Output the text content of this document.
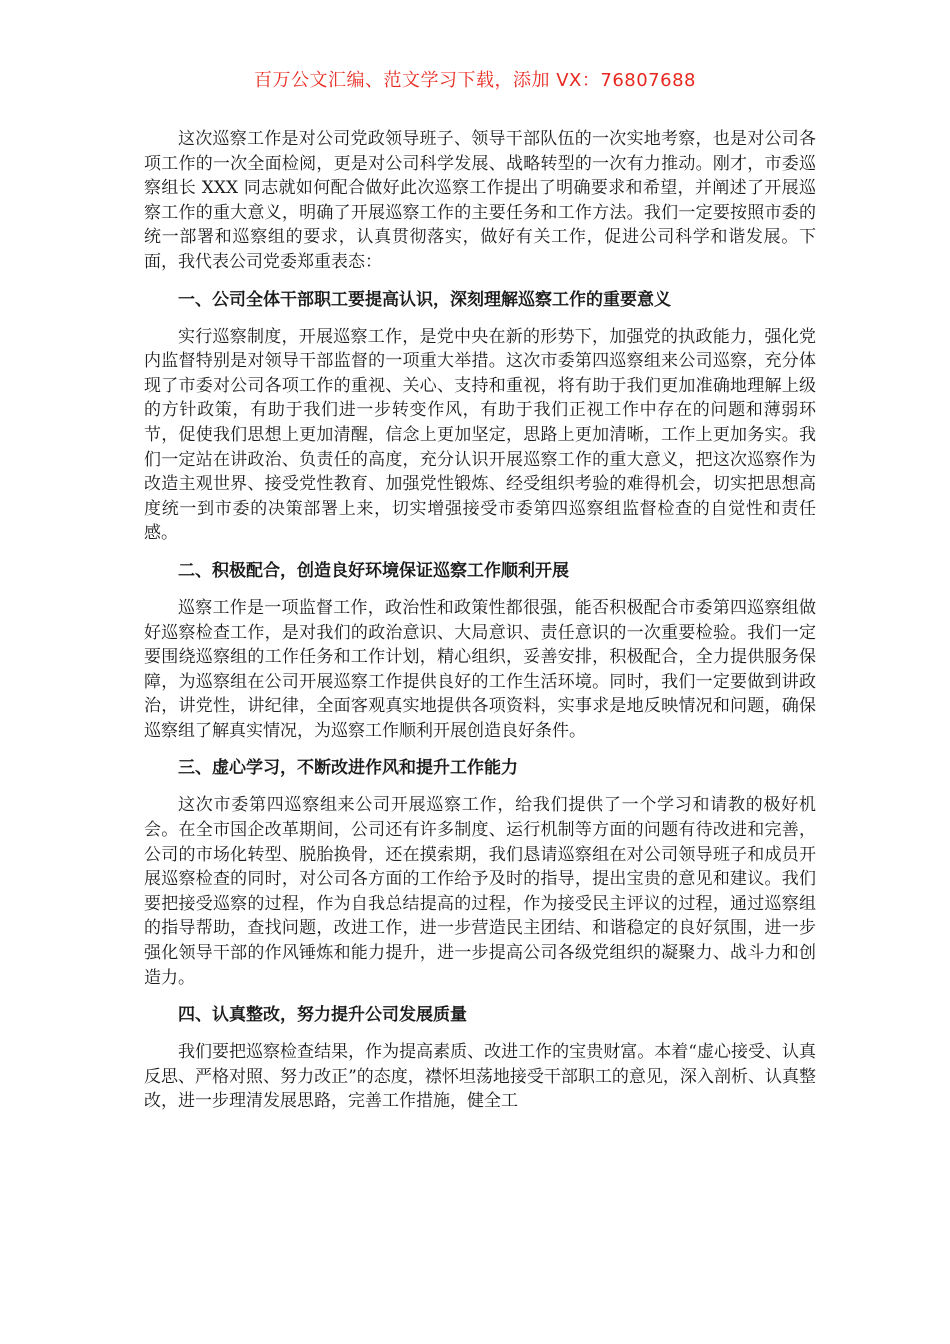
百万公文汇编、范文学习下载，添加 VX：76807688

这次巡察工作是对公司党政领导班子、领导干部队伍的一次实地考察，也是对公司各项工作的一次全面检阅，更是对公司科学发展、战略转型的一次有力推动。刚才，市委巡察组长 XXX 同志就如何配合做好此次巡察工作提出了明确要求和希望，并阐述了开展巡察工作的重大意义，明确了开展巡察工作的主要任务和工作方法。我们一定要按照市委的统一部署和巡察组的要求，认真贯彻落实，做好有关工作，促进公司科学和谐发展。下面，我代表公司党委郑重表态：

一、公司全体干部职工要提高认识，深刻理解巡察工作的重要意义

实行巡察制度，开展巡察工作，是党中央在新的形势下，加强党的执政能力，强化党内监督特别是对领导干部监督的一项重大举措。这次市委第四巡察组来公司巡察，充分体现了市委对公司各项工作的重视、关心、支持和重视，将有助于我们更加准确地理解上级的方针政策，有助于我们进一步转变作风，有助于我们正视工作中存在的问题和薄弱环节，促使我们思想上更加清醒，信念上更加坚定，思路上更加清晰，工作上更加务实。我们一定站在讲政治、负责任的高度，充分认识开展巡察工作的重大意义，把这次巡察作为改造主观世界、接受党性教育、加强党性锻炼、经受组织考验的难得机会，切实把思想高度统一到市委的决策部署上来，切实增强接受市委第四巡察组监督检查的自觉性和责任感。

二、积极配合，创造良好环境保证巡察工作顺利开展

巡察工作是一项监督工作，政治性和政策性都很强，能否积极配合市委第四巡察组做好巡察检查工作，是对我们的政治意识、大局意识、责任意识的一次重要检验。我们一定要围绕巡察组的工作任务和工作计划，精心组织，妥善安排，积极配合，全力提供服务保障，为巡察组在公司开展巡察工作提供良好的工作生活环境。同时，我们一定要做到讲政治，讲党性，讲纪律，全面客观真实地提供各项资料，实事求是地反映情况和问题，确保巡察组了解真实情况，为巡察工作顺利开展创造良好条件。

三、虚心学习，不断改进作风和提升工作能力

这次市委第四巡察组来公司开展巡察工作，给我们提供了一个学习和请教的极好机会。在全市国企改革期间，公司还有许多制度、运行机制等方面的问题有待改进和完善，公司的市场化转型、脱胎换骨，还在摸索期，我们恳请巡察组在对公司领导班子和成员开展巡察检查的同时，对公司各方面的工作给予及时的指导，提出宝贵的意见和建议。我们要把接受巡察的过程，作为自我总结提高的过程，作为接受民主评议的过程，通过巡察组的指导帮助，查找问题，改进工作，进一步营造民主团结、和谐稳定的良好氛围，进一步强化领导干部的作风锤炼和能力提升，进一步提高公司各级党组织的凝聚力、战斗力和创造力。

四、认真整改，努力提升公司发展质量

我们要把巡察检查结果，作为提高素质、改进工作的宝贵财富。本着“虚心接受、认真反思、严格对照、努力改正”的态度，襟怀坦荡地接受干部职工的意见，深入剖析、认真整改，进一步理清发展思路，完善工作措施，健全工
